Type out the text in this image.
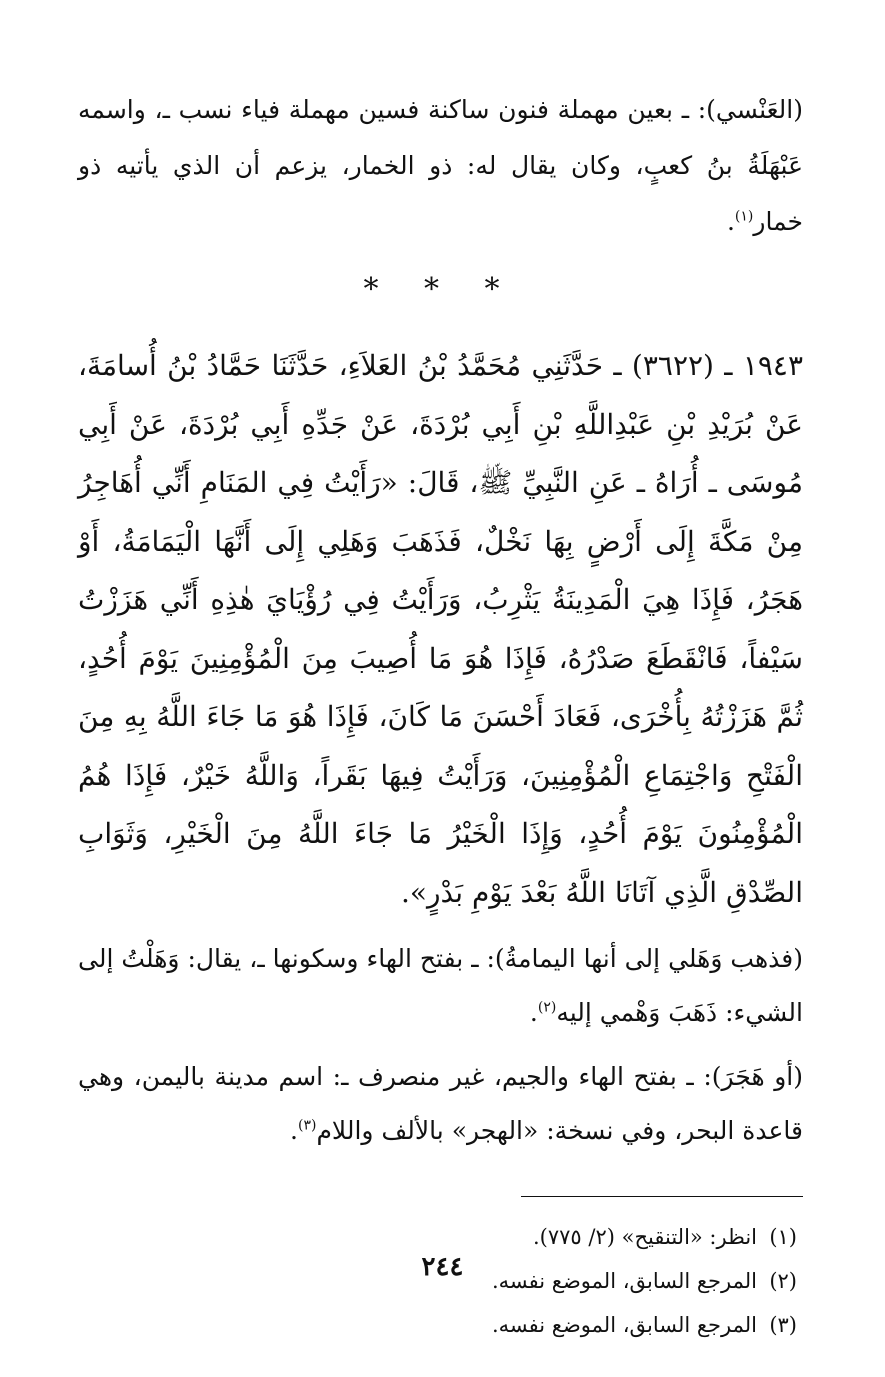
(العَنْسي): ـ بعين مهملة فنون ساكنة فسين مهملة فياء نسب ـ، واسمه عَبْهَلَةُ بنُ كعبٍ، وكان يقال له: ذو الخمار، يزعم أن الذي يأتيه ذو خمار$^{(١)}$.

* * *

١٩٤٣ ـ (٣٦٢٢) ـ حَدَّثَنِي مُحَمَّدُ بْنُ العَلاَءِ، حَدَّثَنَا حَمَّادُ بْنُ أُسامَةَ، عَنْ بُرَيْدِ بْنِ عَبْدِاللَّهِ بْنِ أَبِي بُرْدَةَ، عَنْ جَدِّهِ أَبِي بُرْدَةَ، عَنْ أَبِي مُوسَى ـ أُرَاهُ ـ عَنِ النَّبِيِّ ﷺ، قَالَ: «رَأَيْتُ فِي المَنَامِ أَنِّي أُهَاجِرُ مِنْ مَكَّةَ إِلَى أَرْضٍ بِهَا نَخْلٌ، فَذَهَبَ وَهَلِي إِلَى أَنَّهَا الْيَمَامَةُ، أَوْ هَجَرُ، فَإِذَا هِيَ الْمَدِينَةُ يَثْرِبُ، وَرَأَيْتُ فِي رُؤْيَايَ هٰذِهِ أَنِّي هَزَزْتُ سَيْفاً، فَانْقَطَعَ صَدْرُهُ، فَإِذَا هُوَ مَا أُصِيبَ مِنَ الْمُؤْمِنِينَ يَوْمَ أُحُدٍ، ثُمَّ هَزَزْتُهُ بِأُخْرَى، فَعَادَ أَحْسَنَ مَا كَانَ، فَإِذَا هُوَ مَا جَاءَ اللَّهُ بِهِ مِنَ الْفَتْحِ وَاجْتِمَاعِ الْمُؤْمِنِينَ، وَرَأَيْتُ فِيهَا بَقَراً، وَاللَّهُ خَيْرٌ، فَإِذَا هُمُ الْمُؤْمِنُونَ يَوْمَ أُحُدٍ، وَإِذَا الْخَيْرُ مَا جَاءَ اللَّهُ مِنَ الْخَيْرِ، وَثَوَابِ الصِّدْقِ الَّذِي آتَانَا اللَّهُ بَعْدَ يَوْمِ بَدْرٍ».

(فذهب وَهَلي إلى أنها اليمامةُ): ـ بفتح الهاء وسكونها ـ، يقال: وَهَلْتُ إلى الشيء: ذَهَبَ وَهْمي إليه$^{(٢)}$.

(أو هَجَرَ): ـ بفتح الهاء والجيم، غير منصرف ـ: اسم مدينة باليمن، وهي قاعدة البحر، وفي نسخة: «الهجر» بالألف واللام$^{(٣)}$.

(١)انظر: «التنقيح» (٢/ ٧٧٥).

(٢)المرجع السابق، الموضع نفسه.

(٣)المرجع السابق، الموضع نفسه.

٢٤٤
